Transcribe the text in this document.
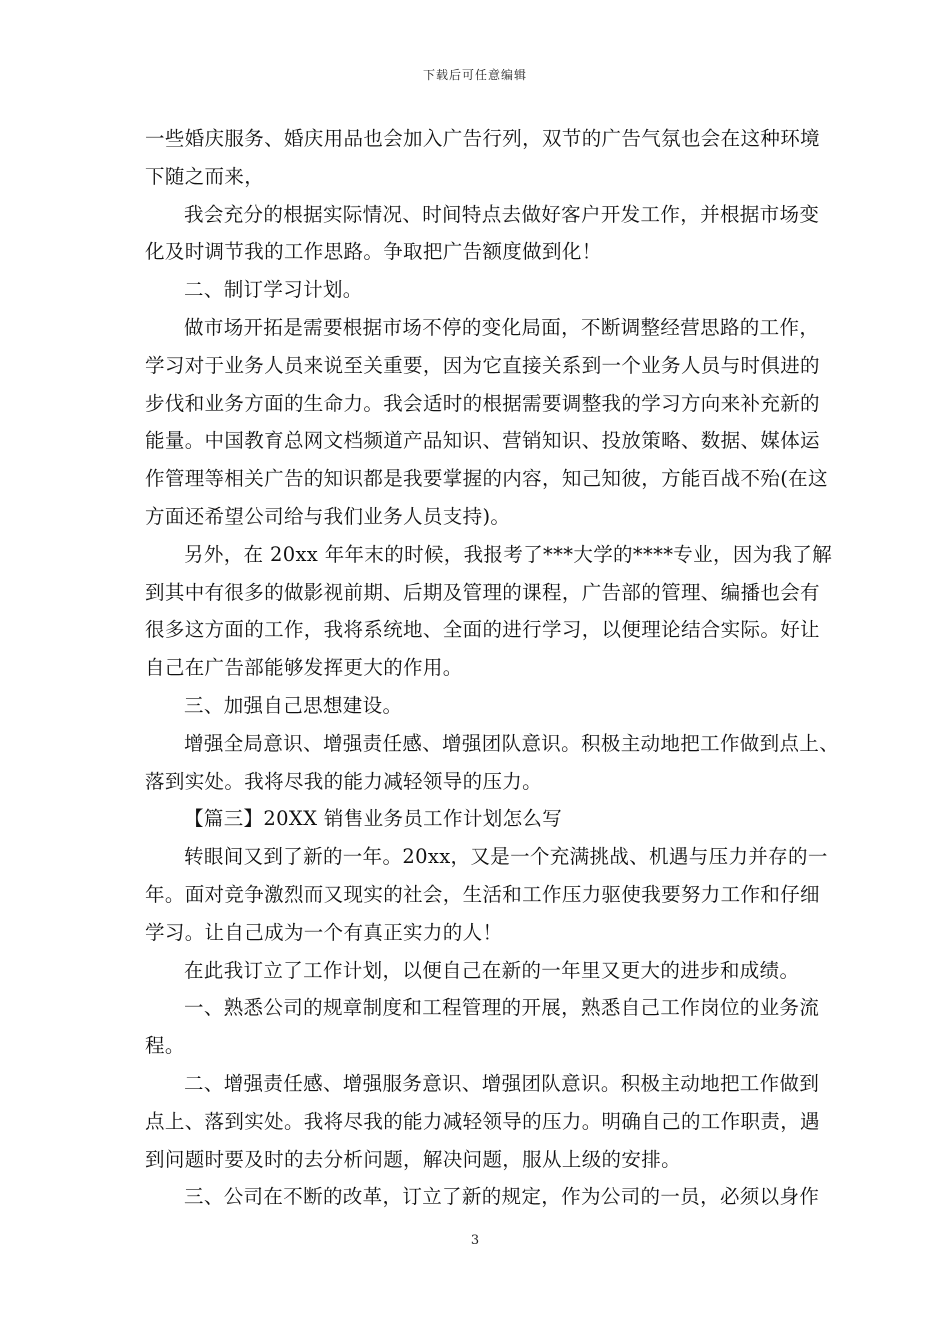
下载后可任意编辑
一些婚庆服务、婚庆用品也会加入广告行列，双节的广告气氛也会在这种环境
下随之而来，
我会充分的根据实际情况、时间特点去做好客户开发工作，并根据市场变
化及时调节我的工作思路。争取把广告额度做到化！
二、制订学习计划。
做市场开拓是需要根据市场不停的变化局面，不断调整经营思路的工作，
学习对于业务人员来说至关重要，因为它直接关系到一个业务人员与时俱进的
步伐和业务方面的生命力。我会适时的根据需要调整我的学习方向来补充新的
能量。中国教育总网文档频道产品知识、营销知识、投放策略、数据、媒体运
作管理等相关广告的知识都是我要掌握的内容，知己知彼，方能百战不殆(在这
方面还希望公司给与我们业务人员支持)。
另外，在 20xx 年年末的时候，我报考了***大学的****专业，因为我了解
到其中有很多的做影视前期、后期及管理的课程，广告部的管理、编播也会有
很多这方面的工作，我将系统地、全面的进行学习，以便理论结合实际。好让
自己在广告部能够发挥更大的作用。
三、加强自己思想建设。
增强全局意识、增强责任感、增强团队意识。积极主动地把工作做到点上、
落到实处。我将尽我的能力减轻领导的压力。
【篇三】20XX 销售业务员工作计划怎么写
转眼间又到了新的一年。20xx，又是一个充满挑战、机遇与压力并存的一
年。面对竞争激烈而又现实的社会，生活和工作压力驱使我要努力工作和仔细
学习。让自己成为一个有真正实力的人！
在此我订立了工作计划，以便自己在新的一年里又更大的进步和成绩。
一、熟悉公司的规章制度和工程管理的开展，熟悉自己工作岗位的业务流
程。
二、增强责任感、增强服务意识、增强团队意识。积极主动地把工作做到
点上、落到实处。我将尽我的能力减轻领导的压力。明确自己的工作职责，遇
到问题时要及时的去分析问题，解决问题，服从上级的安排。
三、公司在不断的改革，订立了新的规定，作为公司的一员，必须以身作
3
